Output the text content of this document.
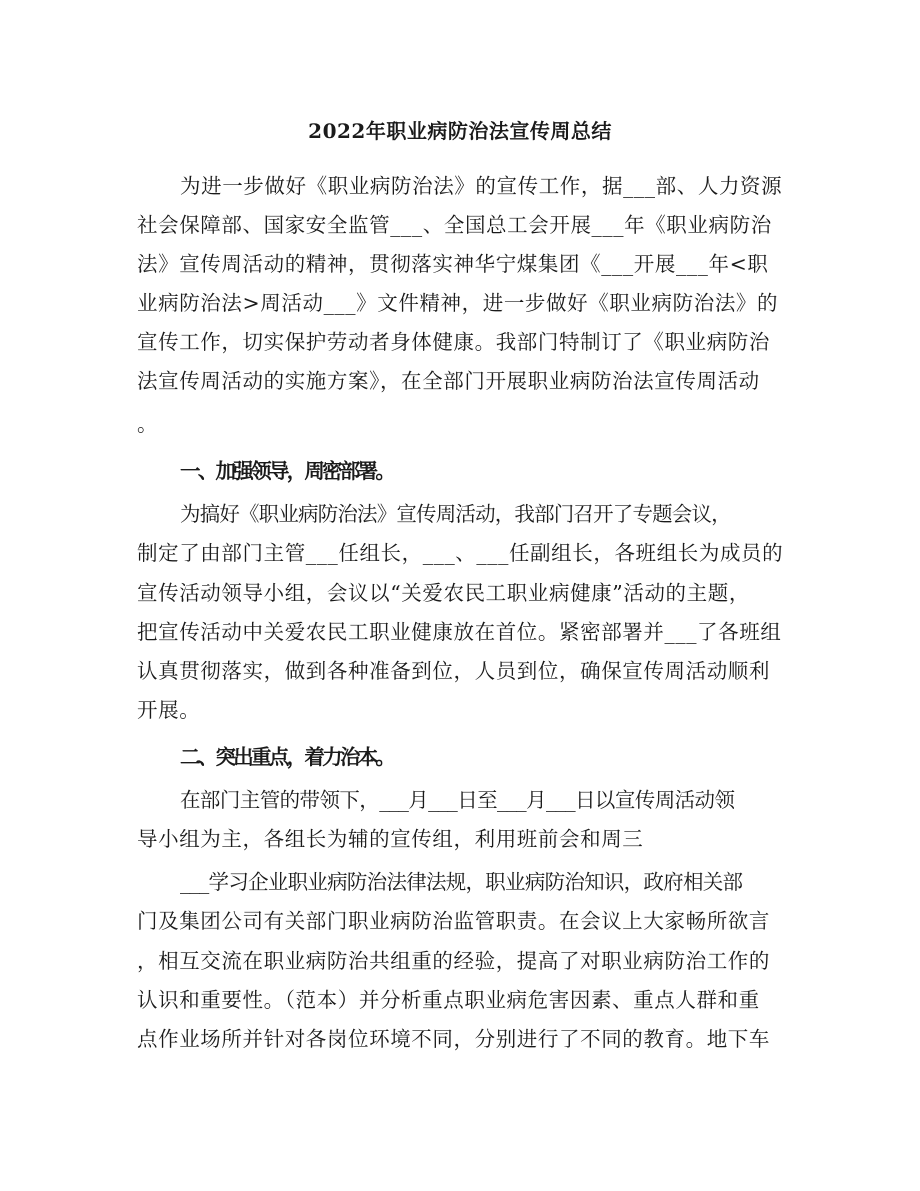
2022年职业病防治法宣传周总结
为进一步做好《职业病防治法》的宣传工作，据___部、人力资源
社会保障部、国家安全监管___、全国总工会开展___年《职业病防治
法》宣传周活动的精神，贯彻落实神华宁煤集团《___开展___年<职
业病防治法>周活动___》文件精神，进一步做好《职业病防治法》的
宣传工作，切实保护劳动者身体健康。我部门特制订了《职业病防治
法宣传周活动的实施方案》，在全部门开展职业病防治法宣传周活动
。
一、加强领导，周密部署。
为搞好《职业病防治法》宣传周活动，我部门召开了专题会议，
制定了由部门主管___任组长，___、___任副组长，各班组长为成员的
宣传活动领导小组，会议以“关爱农民工职业病健康”活动的主题，
把宣传活动中关爱农民工职业健康放在首位。紧密部署并___了各班组
认真贯彻落实，做到各种准备到位，人员到位，确保宣传周活动顺利
开展。
二、突出重点，着力治本。
在部门主管的带领下，___月___日至___月___日以宣传周活动领
导小组为主，各组长为辅的宣传组，利用班前会和周三
___学习企业职业病防治法律法规，职业病防治知识，政府相关部
门及集团公司有关部门职业病防治监管职责。在会议上大家畅所欲言
，相互交流在职业病防治共组重的经验，提高了对职业病防治工作的
认识和重要性。（范本）并分析重点职业病危害因素、重点人群和重
点作业场所并针对各岗位环境不同，分别进行了不同的教育。地下车
